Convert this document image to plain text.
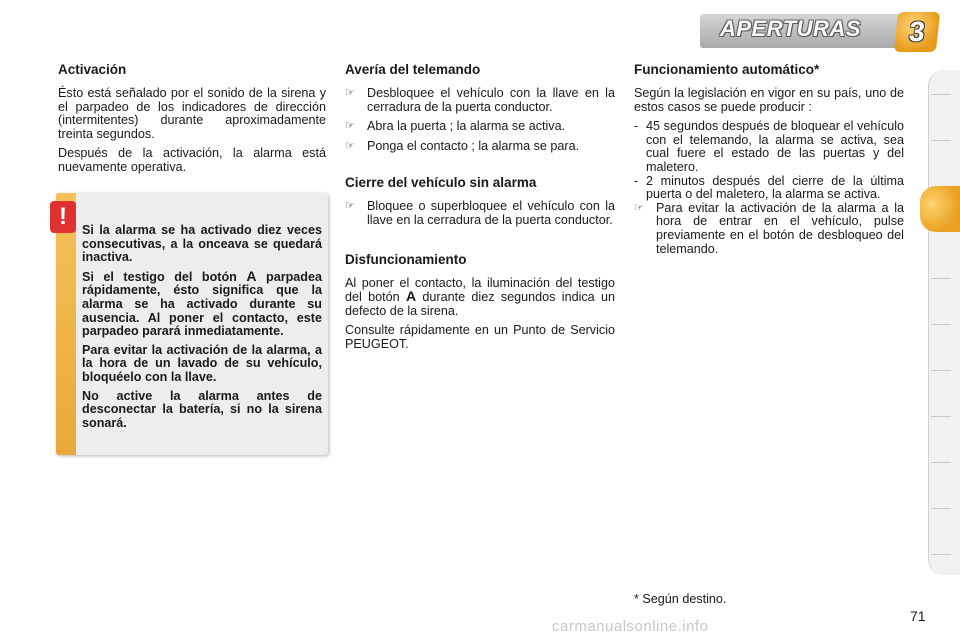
APERTURAS	3
Activación

Ésto está señalado por el sonido de la sirena y el parpadeo de los indicadores de dirección (intermitentes) durante aproximadamente treinta segundos.

Después de la activación, la alarma está nuevamente operativa.

!	Si la alarma se ha activado diez veces consecutivas, a la onceava se quedará inactiva.

Si el testigo del botón A parpadea rápidamente, ésto significa que la alarma se ha activado durante su ausencia. Al poner el contacto, este parpadeo parará inmediatamente.

Para evitar la activación de la alarma, a la hora de un lavado de su vehículo, bloquéelo con la llave.

No active la alarma antes de desconectar la batería, si no la sirena sonará.

Avería del telemando
☞ Desbloquee el vehículo con la llave en la cerradura de la puerta conductor.
☞ Abra la puerta ; la alarma se activa.
☞ Ponga el contacto ; la alarma se para.
Cierre del vehículo sin alarma
☞ Bloquee o superbloquee el vehículo con la llave en la cerradura de la puerta conductor.
Disfuncionamiento

Al poner el contacto, la iluminación del testigo del botón A durante diez segundos indica un defecto de la sirena.

Consulte rápidamente en un Punto de Servicio PEUGEOT.

Funcionamiento automático*

Según la legislación en vigor en su país, uno de estos casos se puede producir :

- 45 segundos después de bloquear el vehículo con el telemando, la alarma se activa, sea cual fuere el estado de las puertas y del maletero.
- 2 minutos después del cierre de la última puerta o del maletero, la alarma se activa.
☞ Para evitar la activación de la alarma a la hora de entrar en el vehículo, pulse previamente en el botón de desbloqueo del telemando.
* Según destino.
71
carmanualsonline.info
